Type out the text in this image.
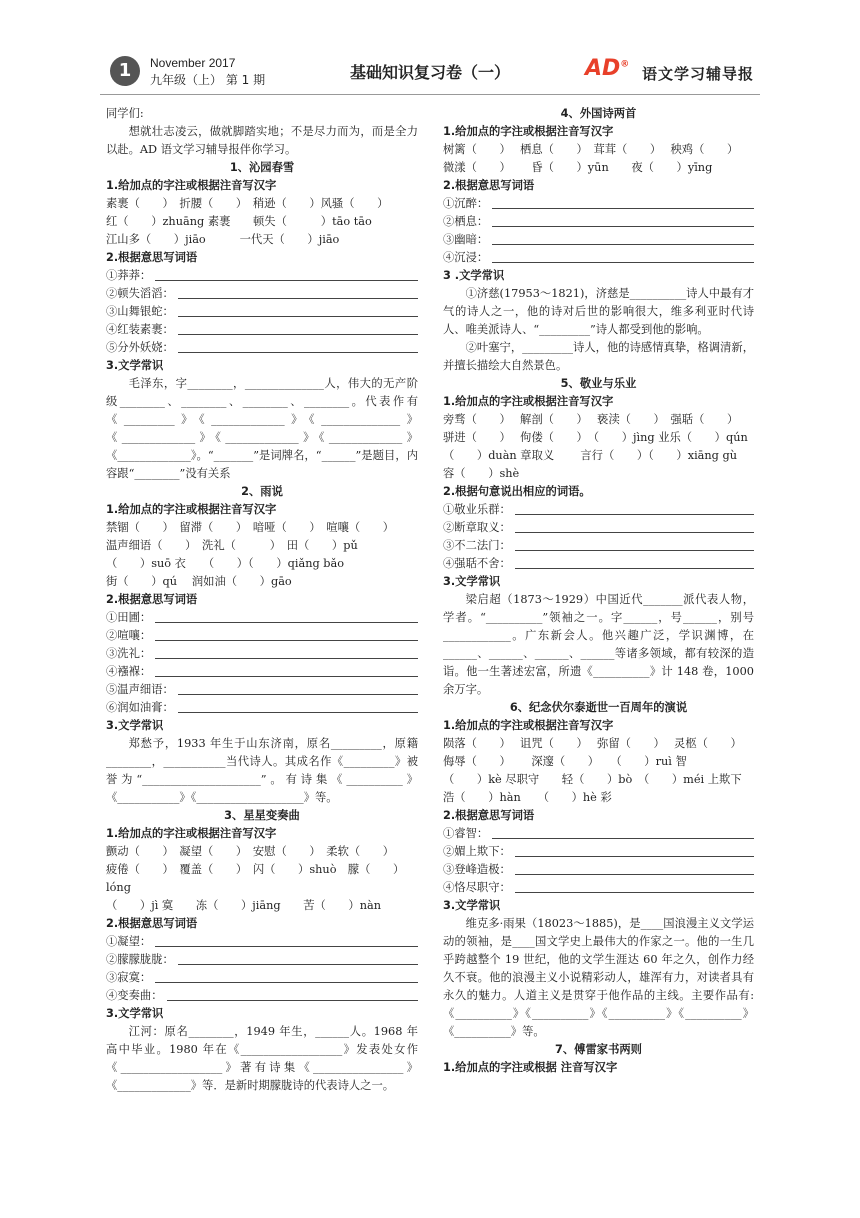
1	November 2017
九年级（上） 第 1 期	基础知识复习卷（一）	AD®
语文学习辅导报
同学们:
想就壮志凌云，做就脚踏实地；不是尽力而为，而是全力以赴。AD 语文学习辅导报伴你学习。
1、沁园春雪
1.给加点的字注或根据注音写汉字
素裹（　　）　折腰（　　）　稍逊（　　）风骚（　　）
红（　　）zhuāng 素裹　　顿失（　　　）tāo tāo
江山多（　　）jiāo　　　一代天（　　）jiāo
2.根据意思写词语
①莽莽：
②顿失滔滔：
③山舞银蛇：
④红装素裹：
⑤分外妖娆：
3.文学常识
毛泽东，字________，______________人，伟大的无产阶级________、________、________、________。代表作有《_________》《_____________》《______________》《_____________》《_____________》《_____________》《_____________》。“_______”是词牌名，“______”是题目，内容跟“________”没有关系
2、雨说
1.给加点的字注或根据注音写汉字
禁锢（　　）　留滞（　　）　喑哑（　　）　喧嚷（　　）
温声细语（　　）　洗礼（　　　）　田（　　）pǔ
（　　）suō 衣　　（　　）（　　）qiǎng bǎo
街（　　）qú　 润如油（　　）gāo
2.根据意思写词语
①田圃：
②喧嚷：
③洗礼：
④襁褓：
⑤温声细语：
⑥润如油膏：
3.文学常识
郑愁予，1933 年生于山东济南，原名_________，原籍________，___________当代诗人。其成名作《_________》被誉为“_____________________”。有诗集《__________》《___________》《___________________》等。
3、星星变奏曲
1.给加点的字注或根据注音写汉字
颤动（　　）　凝望（　　）　安慰（　　）　柔软（　　）
疲倦（　　）　覆盖（　　）　闪（　　）shuò　朦（　　）lóng
（　　）jì 寞　　冻（　　）jiāng　　苦（　　）nàn
2.根据意思写词语
①凝望：
②朦朦胧胧：
③寂寞：
④变奏曲：
3.文学常识
江河：原名________，1949 年生，______人。1968 年高中毕业。1980 年在《__________________》发表处女作《__________________》著有诗集《________________》《_____________》等．是新时期朦胧诗的代表诗人之一。
4、外国诗两首
1.给加点的字注或根据注音写汉字
树篱（　　）　 栖息（　　）　茸茸（　　）　 秧鸡（　　）
微漾（　　）　　 昏（　　）yūn　　夜（　　）yīng
2.根据意思写词语
①沉醉：
②栖息：
③幽暗：
④沉浸：
3 .文学常识
①济慈(17953～1821)，济慈是__________诗人中最有才气的诗人之一，他的诗对后世的影响很大，维多利亚时代诗人、唯美派诗人、“_________”诗人都受到他的影响。
②叶塞宁，_________诗人，他的诗感情真挚，格调清新，并擅长描绘大自然景色。
5、敬业与乐业
1.给加点的字注或根据注音写汉字
旁骛（　　）　 解剖（　　）　 亵渎（　　）　强聒（　　）
骈进（　　）　 佝偻（　　）　（　　）jìng 业乐（　　）qún
（　　）duàn 章取义　　 言行（　　）（　　）xiāng gù
容（　　）shè
2.根据句意说出相应的词语。
①敬业乐群：
②断章取义：
③不二法门：
④强聒不舍：
3.文学常识
梁启超（1873～1929）中国近代_______派代表人物，学者。“__________”领袖之一。字______，号______，别号____________。广东新会人。他兴趣广泛，学识渊博，在______、______、______、______等诸多领域，都有较深的造诣。他一生著述宏富，所遗《__________》计 148 卷，1000 余万字。
6、纪念伏尔泰逝世一百周年的演说
1.给加点的字注或根据注音写汉字
陨落（　　）　 诅咒（　　）　 弥留（　　）　 灵柩（　　）
侮辱（　　）　　 深邃（　　）　　（　　）ruì 智
（　　）kè 尽职守　　轻（　　）bò　（　　）méi 上欺下
浩（　　）hàn　　（　　）hè 彩
2.根据意思写词语
①睿智：
②媚上欺下：
③登峰造极：
④恪尽职守：
3.文学常识
维克多·雨果（18023～1885)，是____国浪漫主义文学运动的领袖，是____国文学史上最伟大的作家之一。他的一生几乎跨越整个 19 世纪，他的文学生涯达 60 年之久，创作力经久不衰。他的浪漫主义小说精彩动人，雄浑有力，对读者具有永久的魅力。人道主义是贯穿于他作品的主线。主要作品有:《__________》《__________》《__________》《__________》《__________》等。
7、傅雷家书两则
1.给加点的字注或根据 注音写汉字
